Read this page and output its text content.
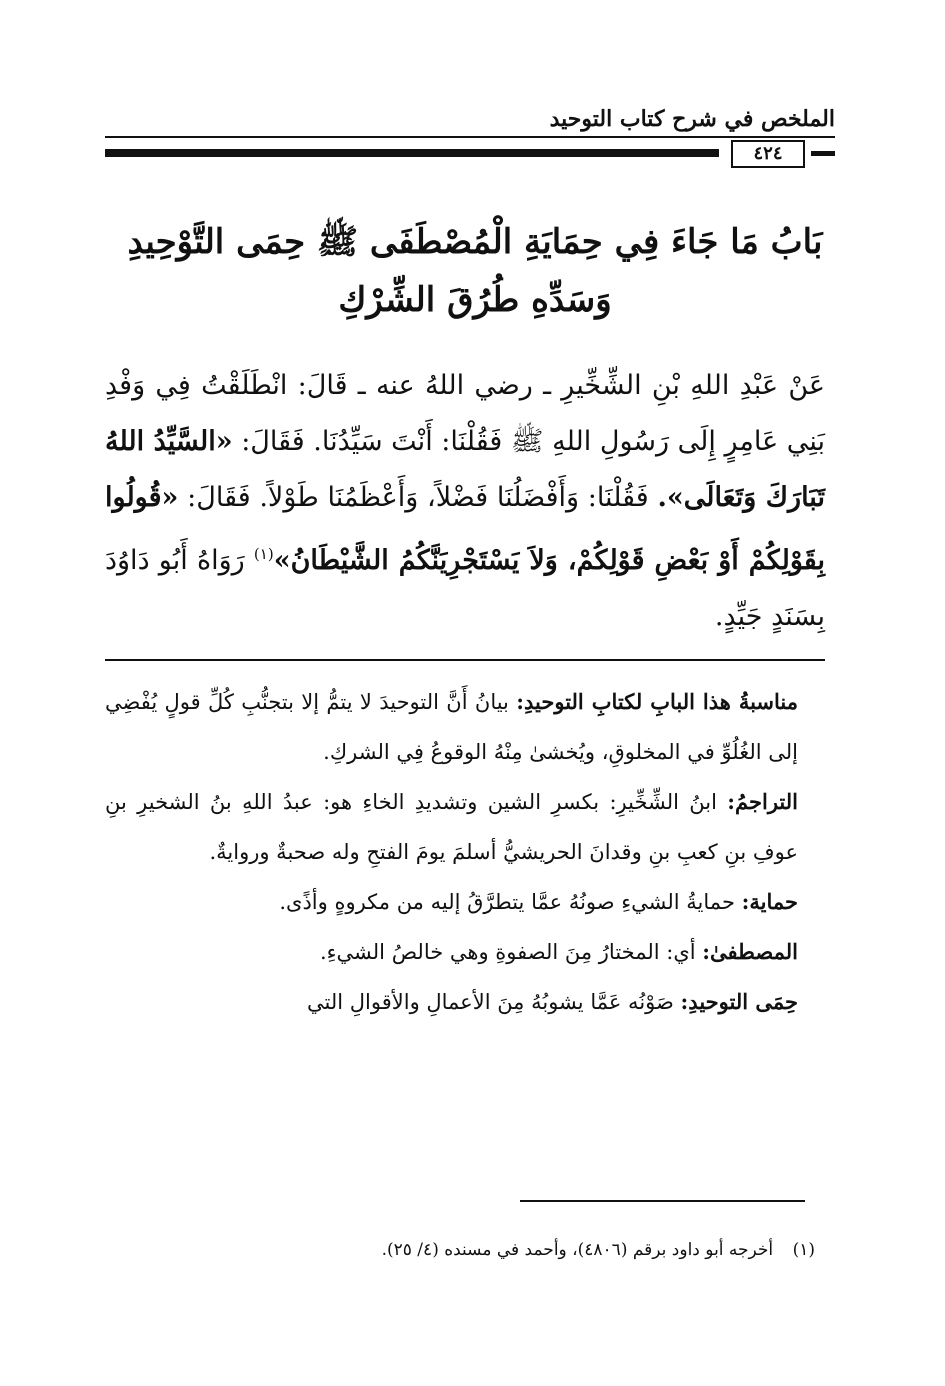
الملخص في شرح كتاب التوحيد
٤٢٤
بَابُ مَا جَاءَ فِي حِمَايَةِ الْمُصْطَفَى ﷺ حِمَى التَّوْحِيدِ وَسَدِّهِ طُرُقَ الشِّرْكِ
عَنْ عَبْدِ اللهِ بْنِ الشِّخِّيرِ ـ رضي اللهُ عنه ـ قَالَ: انْطَلَقْتُ فِي وَفْدِ بَنِي عَامِرٍ إِلَى رَسُولِ اللهِ ﷺ فَقُلْنَا: أَنْتَ سَيِّدُنَا. فَقَالَ: «السَّيِّدُ اللهُ تَبَارَكَ وَتَعَالَى». فَقُلْنَا: وَأَفْضَلُنَا فَضْلاً، وَأَعْظَمُنَا طَوْلاً. فَقَالَ: «قُولُوا بِقَوْلِكُمْ أَوْ بَعْضِ قَوْلِكُمْ، وَلاَ يَسْتَجْرِيَنَّكُمُ الشَّيْطَانُ»$^{(١)}$ رَوَاهُ أَبُو دَاوُدَ بِسَنَدٍ جَيِّدٍ.

مناسبةُ هذا البابِ لكتابِ التوحيدِ: بيانُ أَنَّ التوحيدَ لا يتمُّ إلا بتجنُّبِ كُلِّ قولٍ يُفْضِي إلى الغُلُوِّ في المخلوقِ، ويُخشىٰ مِنْهُ الوقوعُ فِي الشركِ.

التراجمُ: ابنُ الشِّخِّيرِ: بكسرِ الشين وتشديدِ الخاءِ هو: عبدُ اللهِ بنُ الشخيرِ بنِ عوفِ بنِ كعبِ بنِ وقدانَ الحريشيُّ أسلمَ يومَ الفتحِ وله صحبةٌ وروايةٌ.

حماية: حمايةُ الشيءِ صونُهُ عمَّا يتطرَّقُ إليه من مكروهٍ وأذًى.

المصطفىٰ: أي: المختارُ مِنَ الصفوةِ وهي خالصُ الشيءِ.

حِمَى التوحيدِ: صَوْنُه عَمَّا يشوبُهُ مِنَ الأعمالِ والأقوالِ التي

(١) أخرجه أبو داود برقم (٤٨٠٦)، وأحمد في مسنده (٤/ ٢٥).
